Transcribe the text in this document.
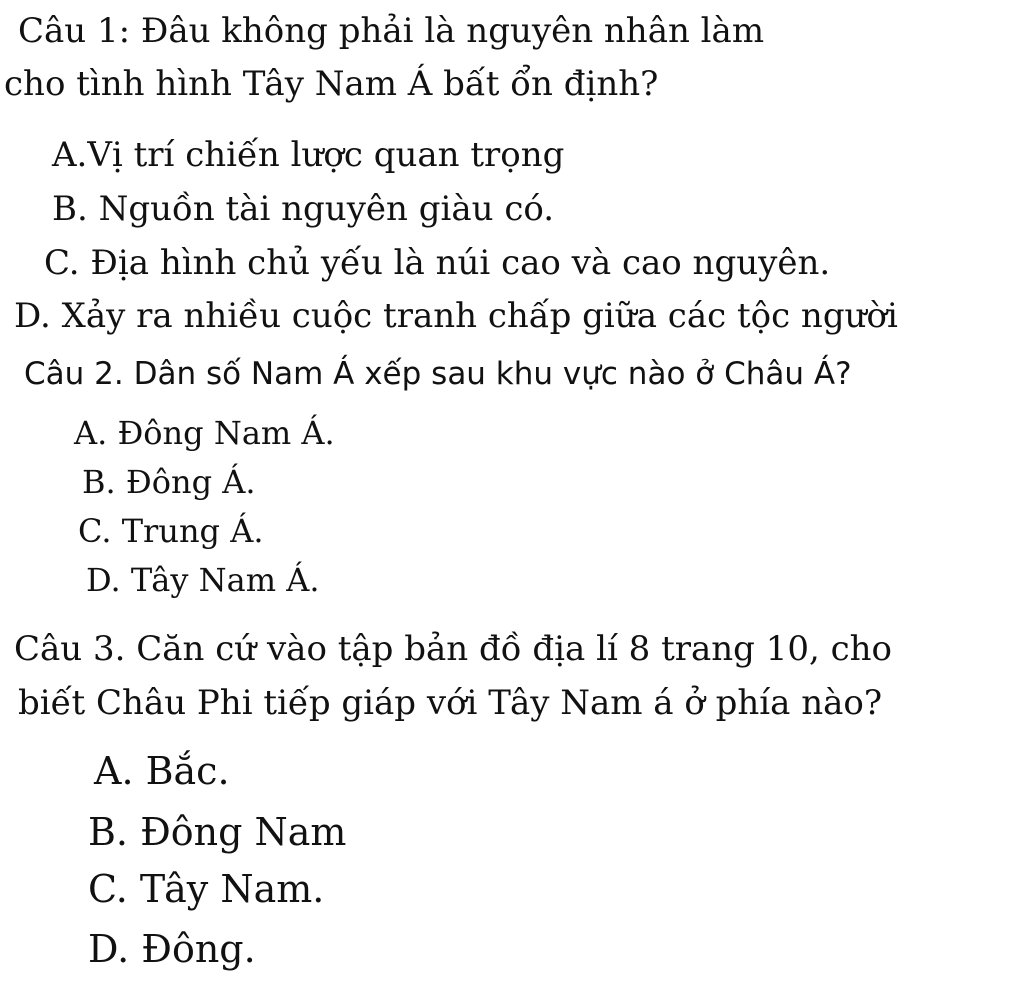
Câu 1: Đâu không phải là nguyên nhân làm

cho tình hình Tây Nam Á bất ổn định?

A.Vị trí chiến lược quan trọng

B. Nguồn tài nguyên giàu có.

C. Địa hình chủ yếu là núi cao và cao nguyên.

D. Xảy ra nhiều cuộc tranh chấp giữa các tộc người

Câu 2. Dân số Nam Á xếp sau khu vực nào ở Châu Á?

A. Đông Nam Á.

B. Đông Á.

C. Trung Á.

D. Tây Nam Á.

Câu 3. Căn cứ vào tập bản đồ địa lí 8 trang 10, cho

biết Châu Phi tiếp giáp với Tây Nam á ở phía nào?

A. Bắc.

B. Đông Nam

C. Tây Nam.

D. Đông.
